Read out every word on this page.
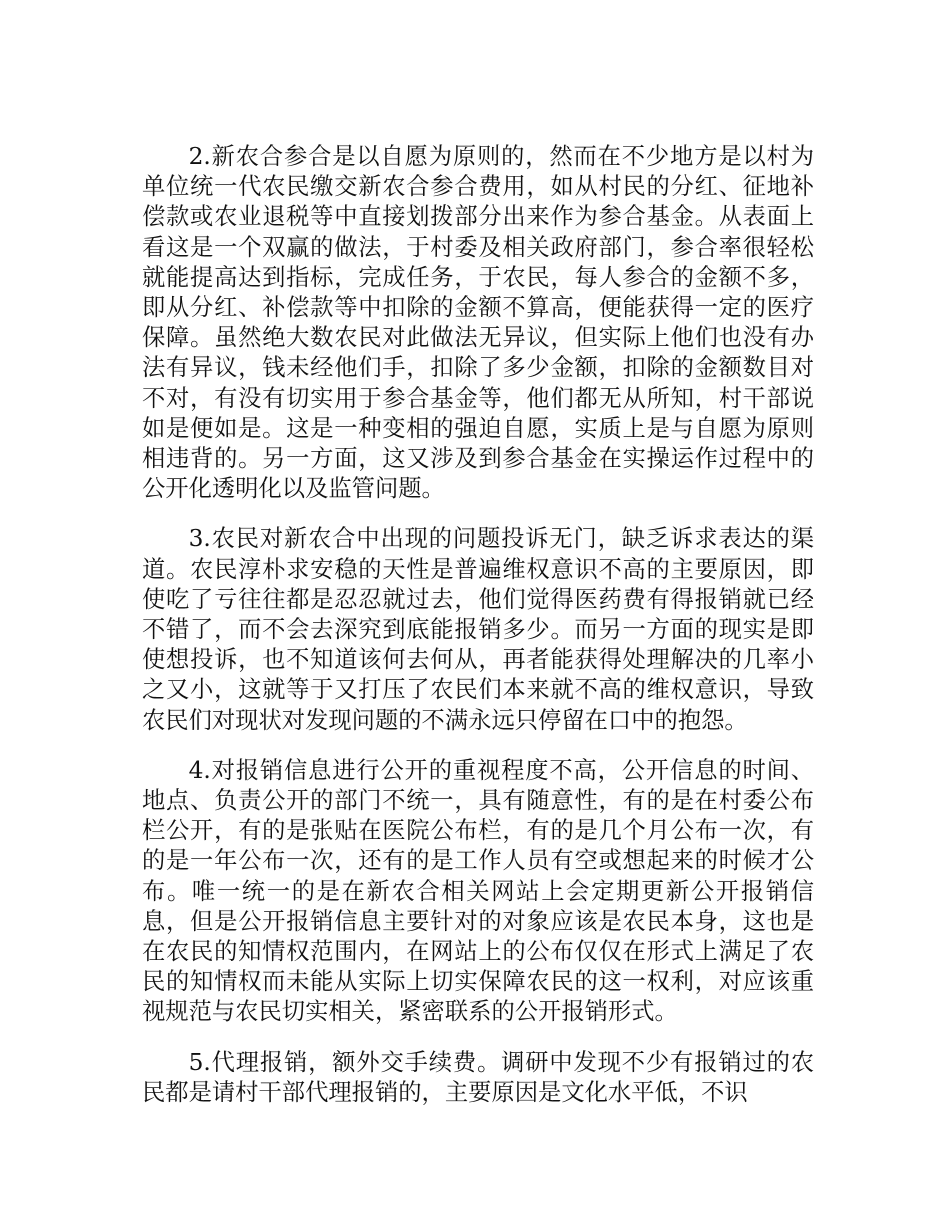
2.新农合参合是以自愿为原则的，然而在不少地方是以村为单位统一代农民缴交新农合参合费用，如从村民的分红、征地补偿款或农业退税等中直接划拨部分出来作为参合基金。从表面上看这是一个双赢的做法，于村委及相关政府部门，参合率很轻松就能提高达到指标，完成任务，于农民，每人参合的金额不多，即从分红、补偿款等中扣除的金额不算高，便能获得一定的医疗保障。虽然绝大数农民对此做法无异议，但实际上他们也没有办法有异议，钱未经他们手，扣除了多少金额，扣除的金额数目对不对，有没有切实用于参合基金等，他们都无从所知，村干部说如是便如是。这是一种变相的强迫自愿，实质上是与自愿为原则相违背的。另一方面，这又涉及到参合基金在实操运作过程中的公开化透明化以及监管问题。

3.农民对新农合中出现的问题投诉无门，缺乏诉求表达的渠道。农民淳朴求安稳的天性是普遍维权意识不高的主要原因，即使吃了亏往往都是忍忍就过去，他们觉得医药费有得报销就已经不错了，而不会去深究到底能报销多少。而另一方面的现实是即使想投诉，也不知道该何去何从，再者能获得处理解决的几率小之又小，这就等于又打压了农民们本来就不高的维权意识，导致农民们对现状对发现问题的不满永远只停留在口中的抱怨。

4.对报销信息进行公开的重视程度不高，公开信息的时间、地点、负责公开的部门不统一，具有随意性，有的是在村委公布栏公开，有的是张贴在医院公布栏，有的是几个月公布一次，有的是一年公布一次，还有的是工作人员有空或想起来的时候才公布。唯一统一的是在新农合相关网站上会定期更新公开报销信息，但是公开报销信息主要针对的对象应该是农民本身，这也是在农民的知情权范围内，在网站上的公布仅仅在形式上满足了农民的知情权而未能从实际上切实保障农民的这一权利，对应该重视规范与农民切实相关，紧密联系的公开报销形式。

5.代理报销，额外交手续费。调研中发现不少有报销过的农民都是请村干部代理报销的，主要原因是文化水平低，不识
